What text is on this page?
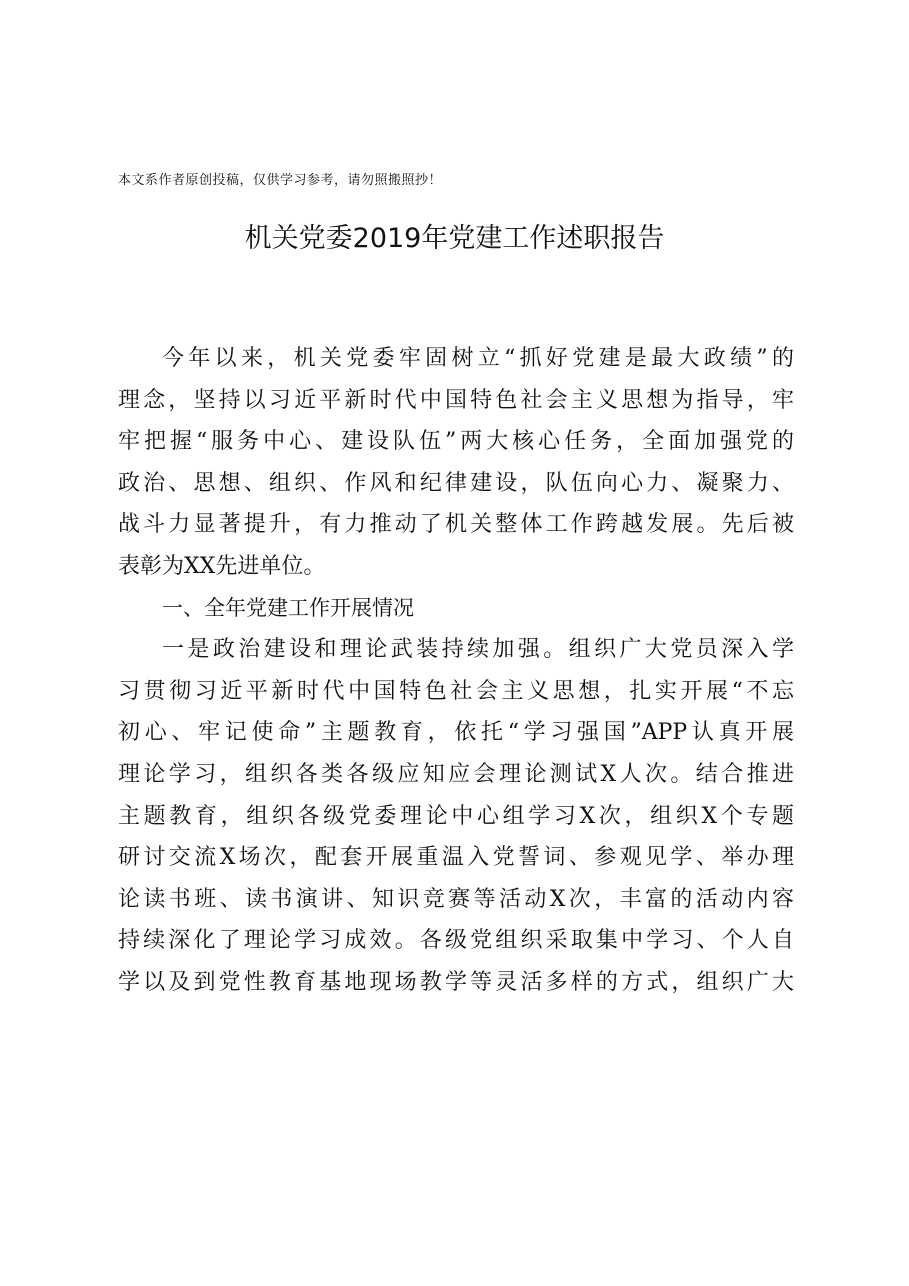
本文系作者原创投稿，仅供学习参考，请勿照搬照抄！
机关党委2019年党建工作述职报告
今年以来，机关党委牢固树立“抓好党建是最大政绩”的
理念，坚持以习近平新时代中国特色社会主义思想为指导，牢
牢把握“服务中心、建设队伍”两大核心任务，全面加强党的
政治、思想、组织、作风和纪律建设，队伍向心力、凝聚力、
战斗力显著提升，有力推动了机关整体工作跨越发展。先后被
表彰为XX先进单位。
一、全年党建工作开展情况
一是政治建设和理论武装持续加强。组织广大党员深入学
习贯彻习近平新时代中国特色社会主义思想，扎实开展“不忘
初心、牢记使命”主题教育，依托“学习强国”APP认真开展
理论学习，组织各类各级应知应会理论测试X人次。结合推进
主题教育，组织各级党委理论中心组学习X次，组织X个专题
研讨交流X场次，配套开展重温入党誓词、参观见学、举办理
论读书班、读书演讲、知识竞赛等活动X次，丰富的活动内容
持续深化了理论学习成效。各级党组织采取集中学习、个人自
学以及到党性教育基地现场教学等灵活多样的方式，组织广大
